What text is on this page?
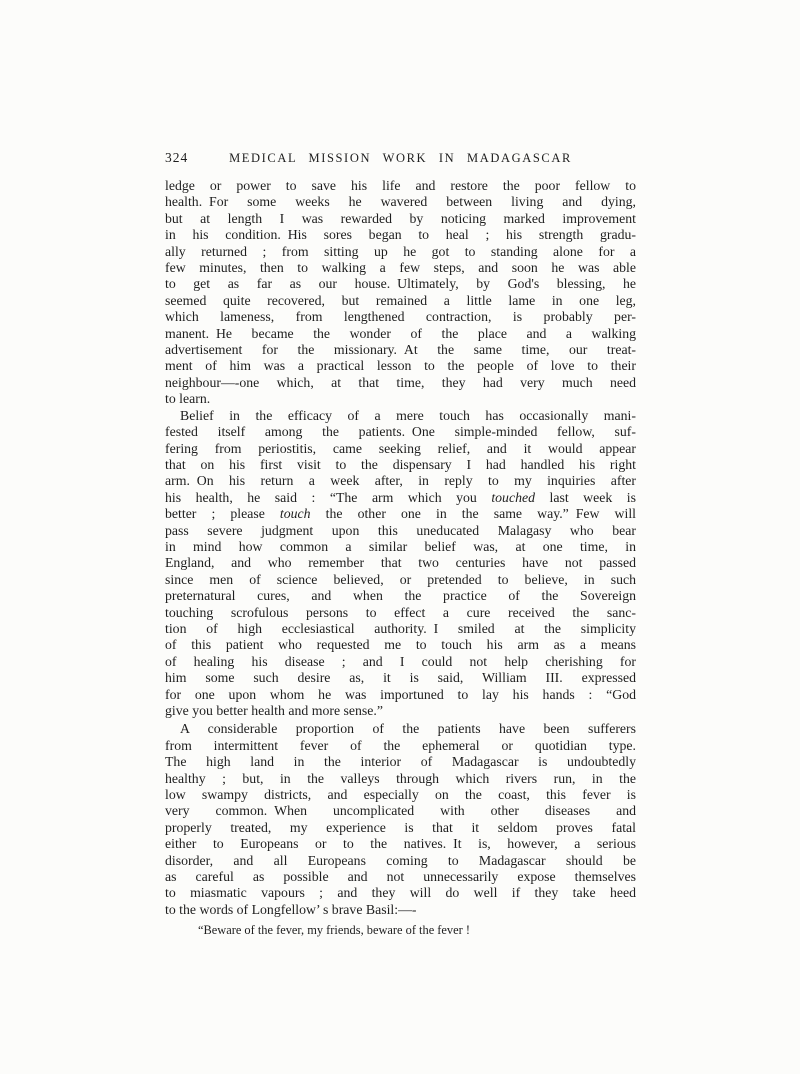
324	MEDICAL MISSION WORK IN MADAGASCAR
ledge or power to save his life and restore the poor fellow to
health. For some weeks he wavered between living and dying,
but at length I was rewarded by noticing marked improvement
in his condition. His sores began to heal ; his strength gradu-
ally returned ; from sitting up he got to standing alone for a
few minutes, then to walking a few steps, and soon he was able
to get as far as our house. Ultimately, by God's blessing, he
seemed quite recovered, but remained a little lame in one leg,
which lameness, from lengthened contraction, is probably per-
manent. He became the wonder of the place and a walking
advertisement for the missionary. At the same time, our treat-
ment of him was a practical lesson to the people of love to their
neighbour—-one which, at that time, they had very much need
to learn.
Belief in the efficacy of a mere touch has occasionally mani-
fested itself among the patients. One simple-minded fellow, suf-
fering from periostitis, came seeking relief, and it would appear
that on his first visit to the dispensary I had handled his right
arm. On his return a week after, in reply to my inquiries after
his health, he said : “The arm which you touched last week is
better ; please touch the other one in the same way.” Few will
pass severe judgment upon this uneducated Malagasy who bear
in mind how common a similar belief was, at one time, in
England, and who remember that two centuries have not passed
since men of science believed, or pretended to believe, in such
preternatural cures, and when the practice of the Sovereign
touching scrofulous persons to effect a cure received the sanc-
tion of high ecclesiastical authority. I smiled at the simplicity
of this patient who requested me to touch his arm as a means
of healing his disease ; and I could not help cherishing for
him some such desire as, it is said, William III. expressed
for one upon whom he was importuned to lay his hands : “God
give you better health and more sense.”
A considerable proportion of the patients have been sufferers
from intermittent fever of the ephemeral or quotidian type.
The high land in the interior of Madagascar is undoubtedly
healthy ; but, in the valleys through which rivers run, in the
low swampy districts, and especially on the coast, this fever is
very common. When uncomplicated with other diseases and
properly treated, my experience is that it seldom proves fatal
either to Europeans or to the natives. It is, however, a serious
disorder, and all Europeans coming to Madagascar should be
as careful as possible and not unnecessarily expose themselves
to miasmatic vapours ; and they will do well if they take heed
to the words of Longfellow’ s brave Basil:—-
“Beware of the fever, my friends, beware of the fever !
